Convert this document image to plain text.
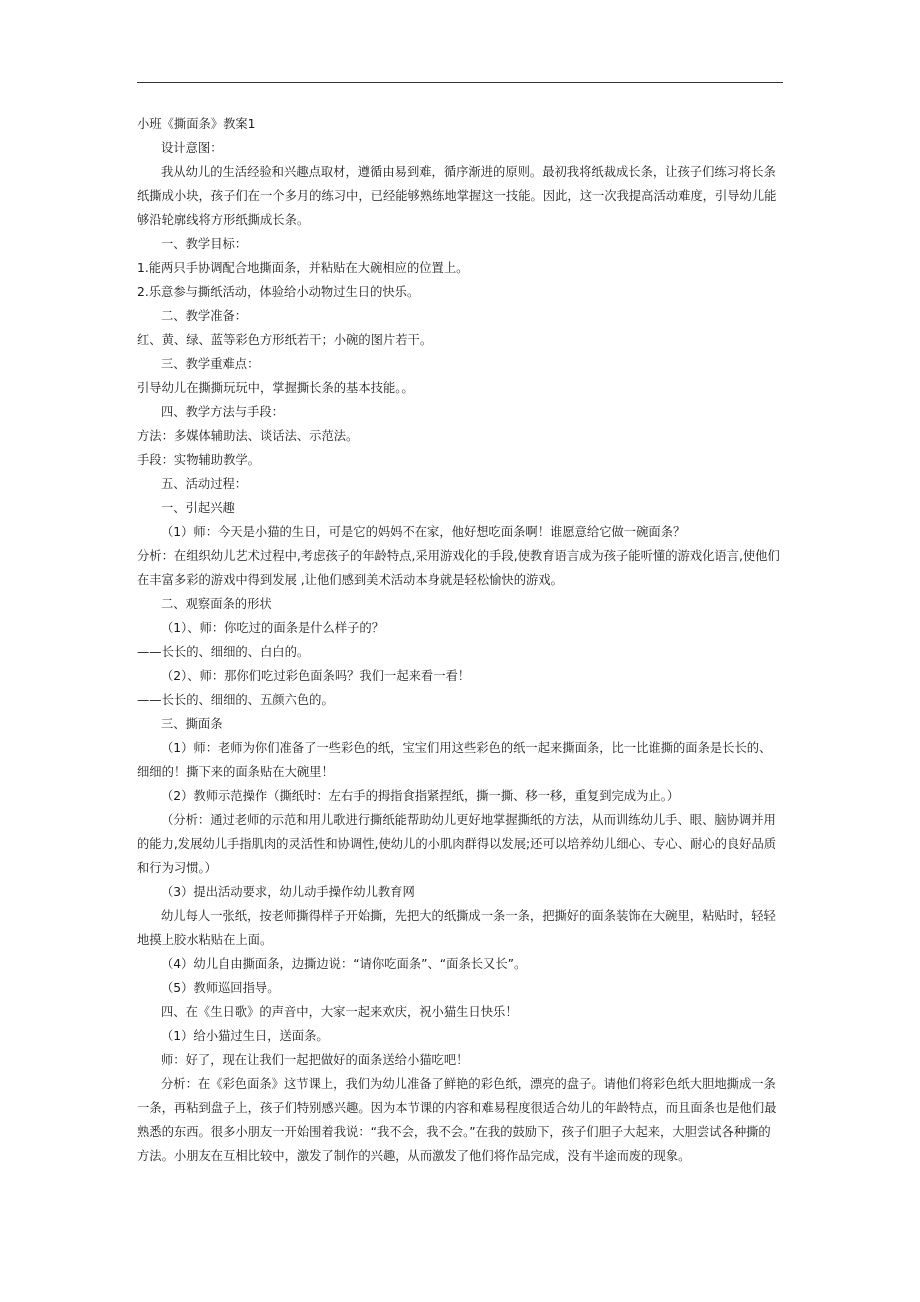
小班《撕面条》教案1

设计意图：

我从幼儿的生活经验和兴趣点取材，遵循由易到难，循序渐进的原则。最初我将纸裁成长条，让孩子们练习将长条纸撕成小块，孩子们在一个多月的练习中，已经能够熟练地掌握这一技能。因此，这一次我提高活动难度，引导幼儿能够沿轮廓线将方形纸撕成长条。

一、教学目标：

1.能两只手协调配合地撕面条，并粘贴在大碗相应的位置上。

2.乐意参与撕纸活动，体验给小动物过生日的快乐。

二、教学准备：

红、黄、绿、蓝等彩色方形纸若干；小碗的图片若干。

三、教学重难点：

引导幼儿在撕撕玩玩中，掌握撕长条的基本技能。。

四、教学方法与手段：

方法：多媒体辅助法、谈话法、示范法。

手段：实物辅助教学。

五、活动过程：

一、引起兴趣

（1）师：今天是小猫的生日，可是它的妈妈不在家，他好想吃面条啊！谁愿意给它做一碗面条？

分析：在组织幼儿艺术过程中,考虑孩子的年龄特点,采用游戏化的手段,使教育语言成为孩子能听懂的游戏化语言,使他们在丰富多彩的游戏中得到发展 ,让他们感到美术活动本身就是轻松愉快的游戏。

二、观察面条的形状

（1）、师：你吃过的面条是什么样子的？

——长长的、细细的、白白的。

（2）、师：那你们吃过彩色面条吗？我们一起来看一看！

——长长的、细细的、五颜六色的。

三、撕面条

（1）师：老师为你们准备了一些彩色的纸，宝宝们用这些彩色的纸一起来撕面条，比一比谁撕的面条是长长的、细细的！撕下来的面条贴在大碗里！

（2）教师示范操作（撕纸时：左右手的拇指食指紧捏纸，撕一撕、移一移，重复到完成为止。）

（分析：通过老师的示范和用儿歌进行撕纸能帮助幼儿更好地掌握撕纸的方法，从而训练幼儿手、眼、脑协调并用的能力,发展幼儿手指肌肉的灵活性和协调性,使幼儿的小肌肉群得以发展;还可以培养幼儿细心、专心、耐心的良好品质和行为习惯。）

（3）提出活动要求，幼儿动手操作幼儿教育网

幼儿每人一张纸，按老师撕得样子开始撕，先把大的纸撕成一条一条，把撕好的面条装饰在大碗里，粘贴时，轻轻地摸上胶水粘贴在上面。

（4）幼儿自由撕面条，边撕边说：“请你吃面条”、“面条长又长”。

（5）教师巡回指导。

四、在《生日歌》的声音中，大家一起来欢庆，祝小猫生日快乐！

（1）给小猫过生日，送面条。

师：好了，现在让我们一起把做好的面条送给小猫吃吧！

分析：在《彩色面条》这节课上，我们为幼儿准备了鲜艳的彩色纸，漂亮的盘子。请他们将彩色纸大胆地撕成一条一条，再粘到盘子上，孩子们特别感兴趣。因为本节课的内容和难易程度很适合幼儿的年龄特点，而且面条也是他们最熟悉的东西。很多小朋友一开始围着我说：“我不会，我不会。”在我的鼓励下，孩子们胆子大起来，大胆尝试各种撕的方法。小朋友在互相比较中，激发了制作的兴趣，从而激发了他们将作品完成，没有半途而废的现象。
